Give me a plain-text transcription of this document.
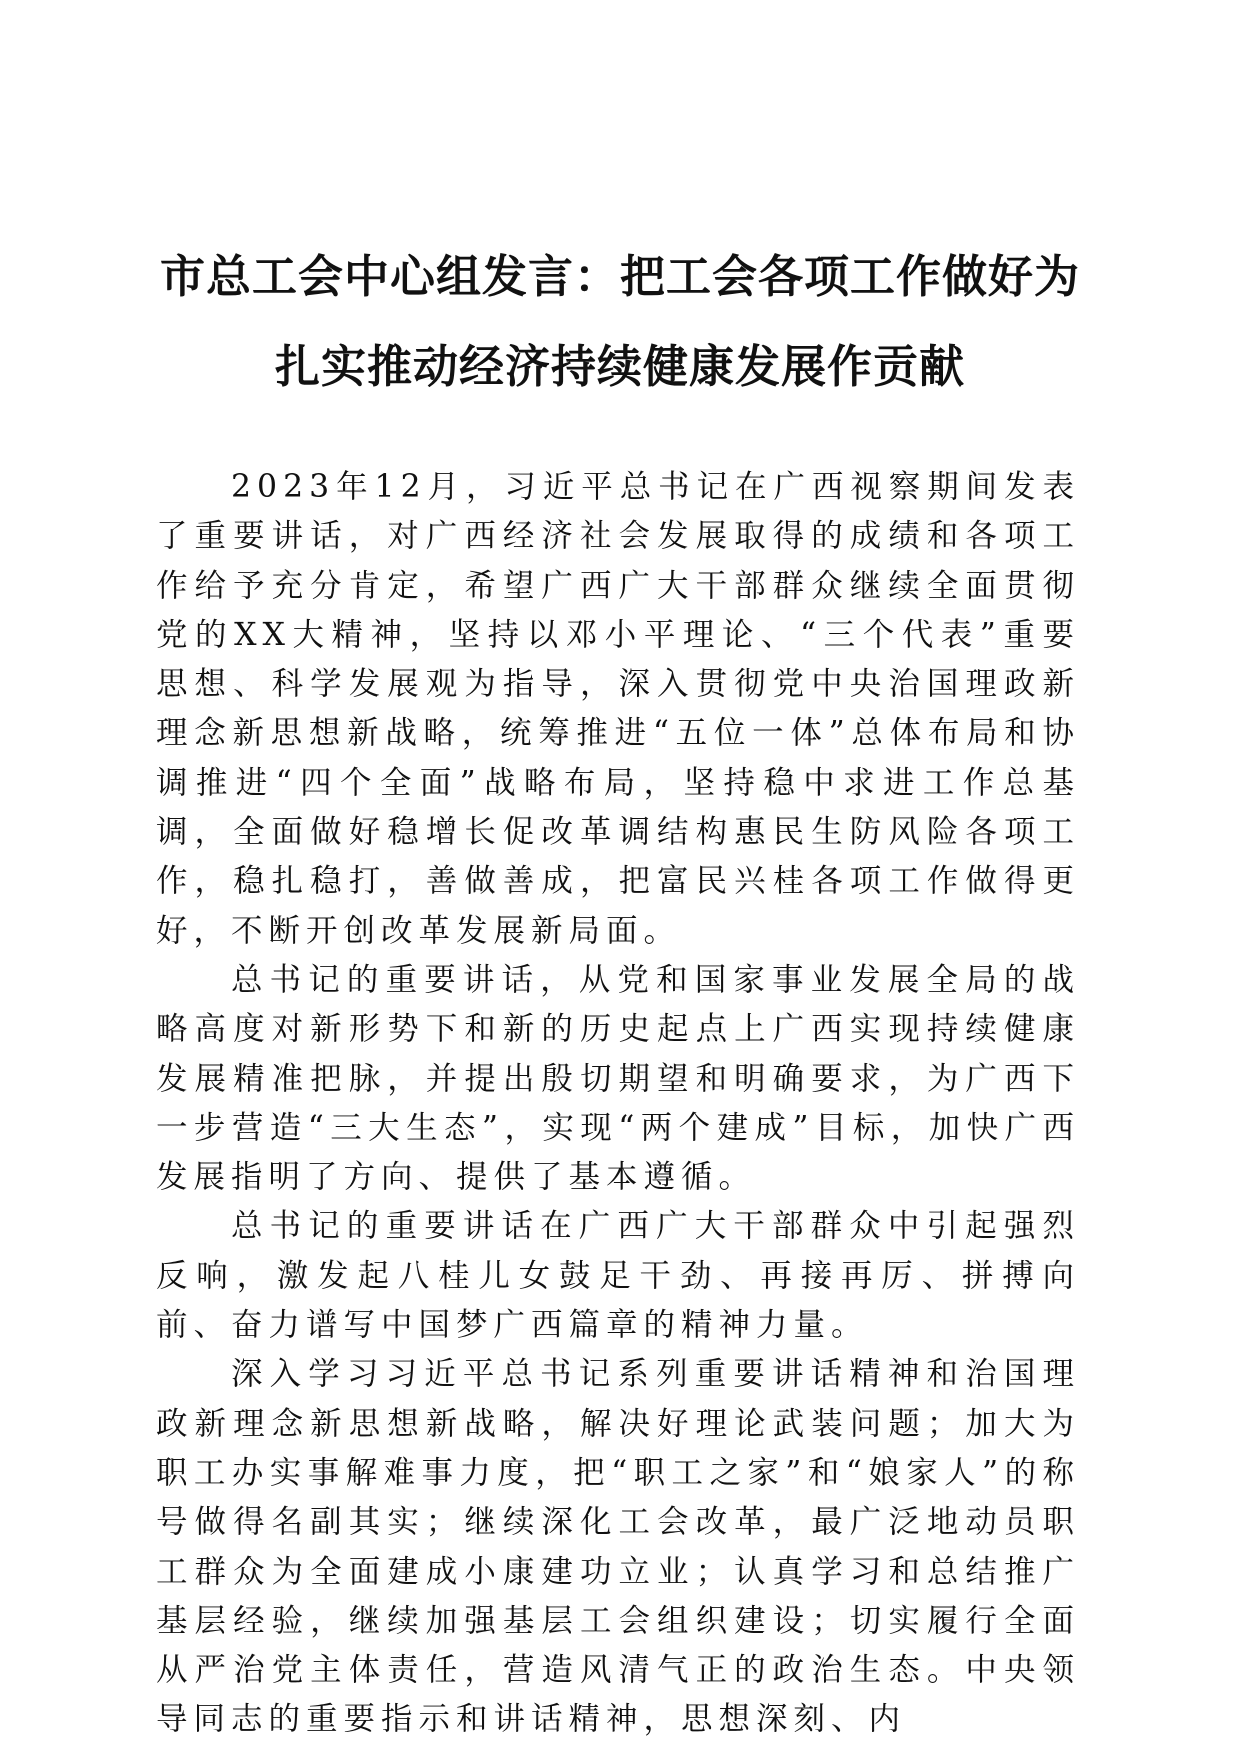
市总工会中心组发言：把工会各项工作做好为
扎实推动经济持续健康发展作贡献

2023年12月，习近平总书记在广西视察期间发表了重要讲话，对广西经济社会发展取得的成绩和各项工作给予充分肯定，希望广西广大干部群众继续全面贯彻党的XX大精神，坚持以邓小平理论、“三个代表”重要思想、科学发展观为指导，深入贯彻党中央治国理政新理念新思想新战略，统筹推进“五位一体”总体布局和协调推进“四个全面”战略布局，坚持稳中求进工作总基调，全面做好稳增长促改革调结构惠民生防风险各项工作，稳扎稳打，善做善成，把富民兴桂各项工作做得更好，不断开创改革发展新局面。

总书记的重要讲话，从党和国家事业发展全局的战略高度对新形势下和新的历史起点上广西实现持续健康发展精准把脉，并提出殷切期望和明确要求，为广西下一步营造“三大生态”，实现“两个建成”目标，加快广西发展指明了方向、提供了基本遵循。

总书记的重要讲话在广西广大干部群众中引起强烈反响，激发起八桂儿女鼓足干劲、再接再厉、拼搏向前、奋力谱写中国梦广西篇章的精神力量。

深入学习习近平总书记系列重要讲话精神和治国理政新理念新思想新战略，解决好理论武装问题；加大为职工办实事解难事力度，把“职工之家”和“娘家人”的称号做得名副其实；继续深化工会改革，最广泛地动员职工群众为全面建成小康建功立业；认真学习和总结推广基层经验，继续加强基层工会组织建设；切实履行全面从严治党主体责任，营造风清气正的政治生态。中央领导同志的重要指示和讲话精神，思想深刻、内
